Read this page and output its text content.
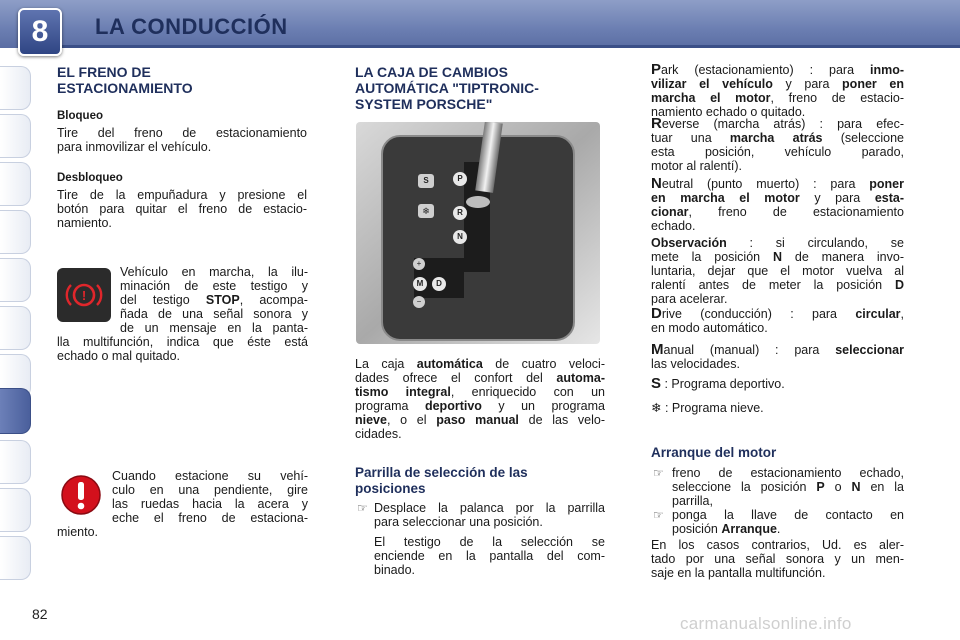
8	LA CONDUCCIÓN
EL FRENO DE
ESTACIONAMIENTO
Bloqueo
Tire del freno de estacionamiento
para inmovilizar el vehículo.
Desbloqueo
Tire de la empuñadura y presione el
botón para quitar el freno de estacio-
namiento.
!
Vehículo en marcha, la ilu-
minación de este testigo y
del testigo STOP, acompa-
ñada de una señal sonora y
de un mensaje en la panta-
lla multifunción, indica que éste está
echado o mal quitado.
Cuando estacione su vehí-
culo en una pendiente, gire
las ruedas hacia la acera y
eche el freno de estaciona-
miento.
LA CAJA DE CAMBIOS
AUTOMÁTICA "TIPTRONIC-
SYSTEM PORSCHE"
S
❄
P
R
N
+
M	D
−
La caja automática de cuatro veloci-
dades ofrece el confort del automa-
tismo integral, enriquecido con un
programa deportivo y un programa
nieve, o el paso manual de las velo-
cidades.
Parrilla de selección de las
posiciones
☞ Desplace la palanca por la parrilla
para seleccionar una posición.
El testigo de la selección se
enciende en la pantalla del com-
binado.
Park (estacionamiento) : para inmo-
vilizar el vehículo y para poner en
marcha el motor, freno de estacio-
namiento echado o quitado.
Reverse (marcha atrás) : para efec-
tuar una marcha atrás (seleccione
esta posición, vehículo parado,
motor al ralentí).
Neutral (punto muerto) : para poner
en marcha el motor y para esta-
cionar, freno de estacionamiento
echado.
Observación : si circulando, se
mete la posición N de manera invo-
luntaria, dejar que el motor vuelva al
ralentí antes de meter la posición D
para acelerar.
Drive (conducción) : para circular,
en modo automático.
Manual (manual) : para seleccionar
las velocidades.
S : Programa deportivo.
❄ : Programa nieve.
Arranque del motor
☞ freno de estacionamiento echado,
seleccione la posición P o N en la
parrilla,
☞ ponga la llave de contacto en
posición Arranque.
En los casos contrarios, Ud. es aler-
tado por una señal sonora y un men-
saje en la pantalla multifunción.
82	carmanualsonline.info
